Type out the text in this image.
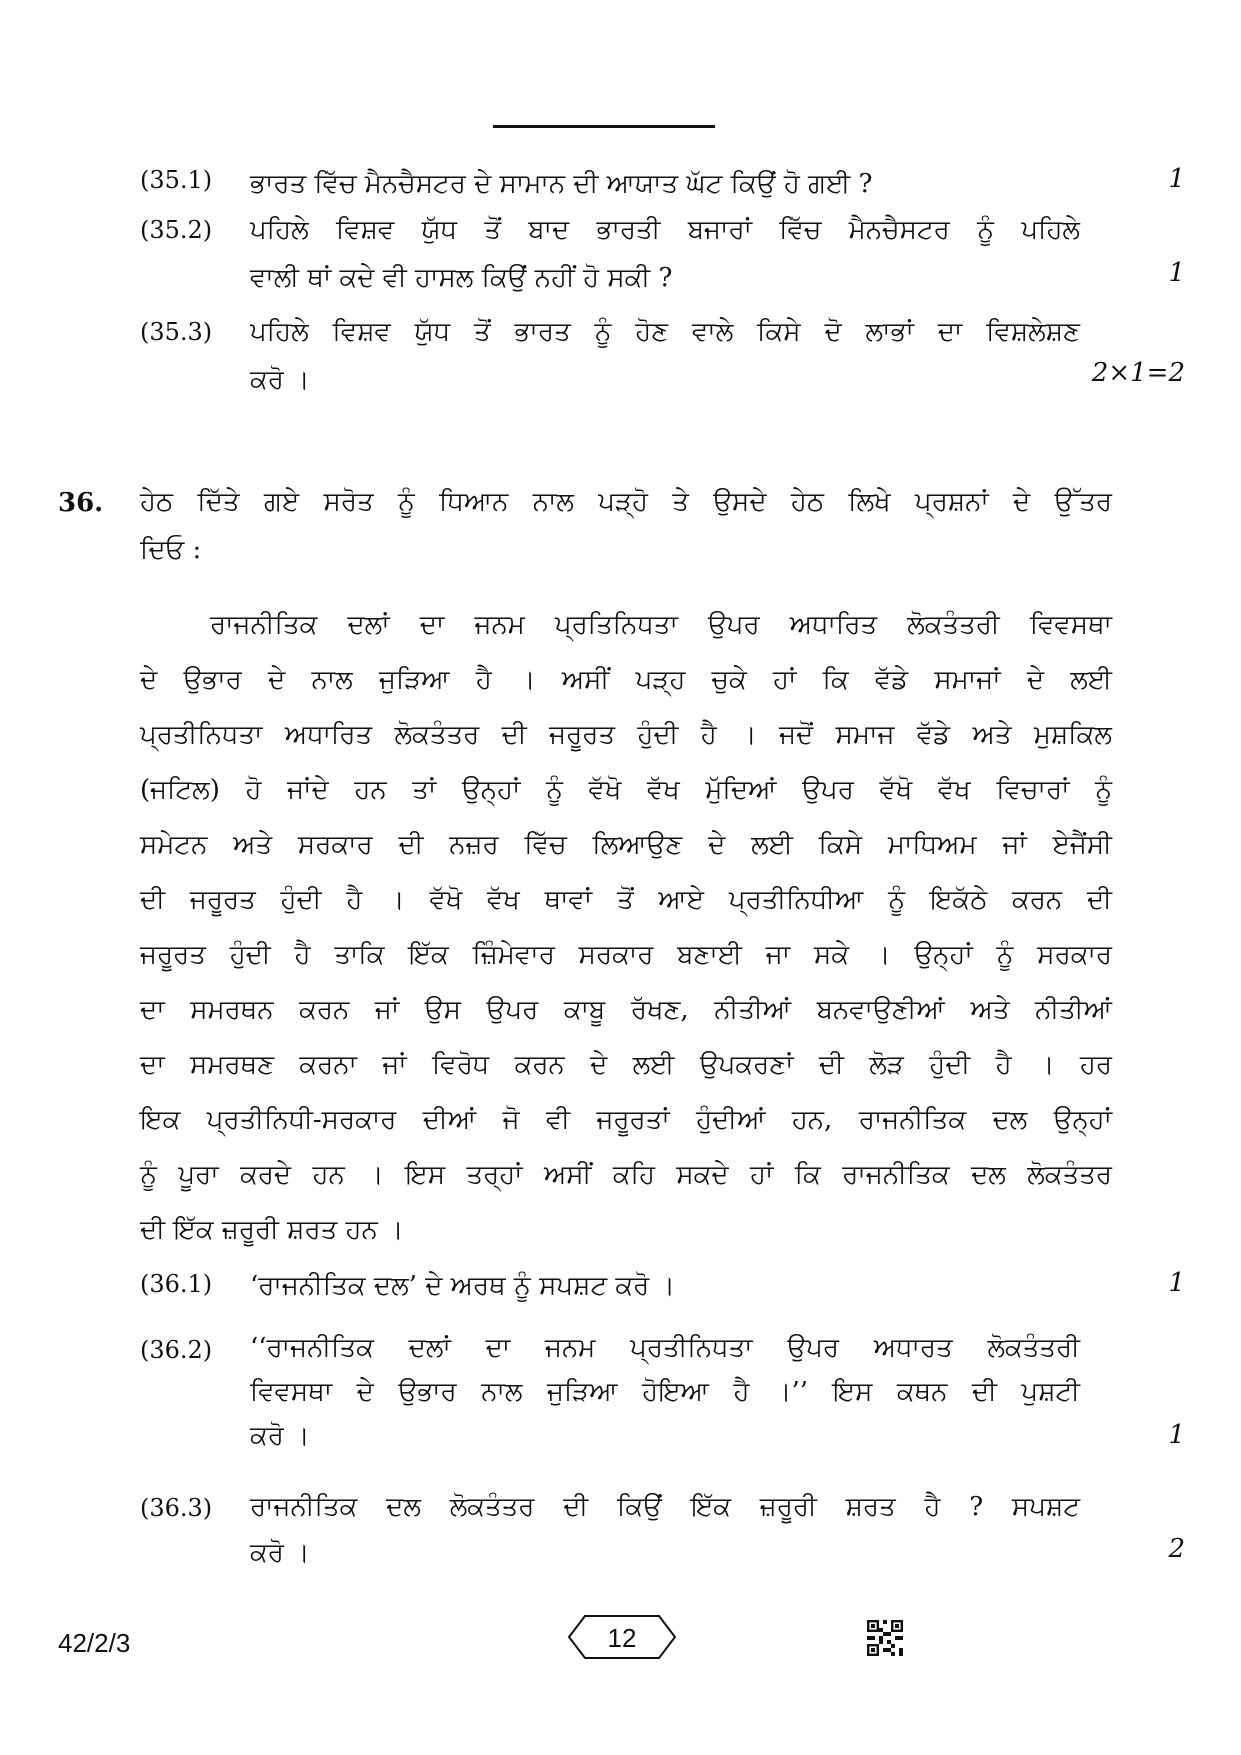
(35.1)	ਭਾਰਤ ਵਿੱਚ ਮੈਨਚੈਸਟਰ ਦੇ ਸਾਮਾਨ ਦੀ ਆਯਾਤ ਘੱਟ ਕਿਉਂ ਹੋ ਗਈ ?	1
(35.2)	ਪਹਿਲੇ ਵਿਸ਼ਵ ਯੁੱਧ ਤੋਂ ਬਾਦ ਭਾਰਤੀ ਬਜਾਰਾਂ ਵਿੱਚ ਮੈਨਚੈਸਟਰ ਨੂੰ ਪਹਿਲੇ
ਵਾਲੀ ਥਾਂ ਕਦੇ ਵੀ ਹਾਸਲ ਕਿਉਂ ਨਹੀਂ ਹੋ ਸਕੀ ?	1
(35.3)	ਪਹਿਲੇ ਵਿਸ਼ਵ ਯੁੱਧ ਤੋਂ ਭਾਰਤ ਨੂੰ ਹੋਣ ਵਾਲੇ ਕਿਸੇ ਦੋ ਲਾਭਾਂ ਦਾ ਵਿਸ਼ਲੇਸ਼ਣ
ਕਰੋ ।	2×1=2
36. ਹੇਠ ਦਿੱਤੇ ਗਏ ਸਰੋਤ ਨੂੰ ਧਿਆਨ ਨਾਲ ਪੜ੍ਹੋ ਤੇ ਉਸਦੇ ਹੇਠ ਲਿਖੇ ਪ੍ਰਸ਼ਨਾਂ ਦੇ ਉੱਤਰ
ਦਿਓ :
ਰਾਜਨੀਤਿਕ ਦਲਾਂ ਦਾ ਜਨਮ ਪ੍ਰਤਿਨਿਧਤਾ ਉਪਰ ਅਧਾਰਿਤ ਲੋਕਤੰਤਰੀ ਵਿਵਸਥਾ
ਦੇ ਉਭਾਰ ਦੇ ਨਾਲ ਜੁੜਿਆ ਹੈ । ਅਸੀਂ ਪੜ੍ਹ ਚੁਕੇ ਹਾਂ ਕਿ ਵੱਡੇ ਸਮਾਜਾਂ ਦੇ ਲਈ
ਪ੍ਰਤੀਨਿਧਤਾ ਅਧਾਰਿਤ ਲੋਕਤੰਤਰ ਦੀ ਜਰੂਰਤ ਹੁੰਦੀ ਹੈ । ਜਦੋਂ ਸਮਾਜ ਵੱਡੇ ਅਤੇ ਮੁਸ਼ਕਿਲ
(ਜਟਿਲ) ਹੋ ਜਾਂਦੇ ਹਨ ਤਾਂ ਉਨ੍ਹਾਂ ਨੂੰ ਵੱਖੋ ਵੱਖ ਮੁੱਦਿਆਂ ਉਪਰ ਵੱਖੋ ਵੱਖ ਵਿਚਾਰਾਂ ਨੂੰ
ਸਮੇਟਨ ਅਤੇ ਸਰਕਾਰ ਦੀ ਨਜ਼ਰ ਵਿੱਚ ਲਿਆਉਣ ਦੇ ਲਈ ਕਿਸੇ ਮਾਧਿਅਮ ਜਾਂ ਏਜੈਂਸੀ
ਦੀ ਜਰੂਰਤ ਹੁੰਦੀ ਹੈ । ਵੱਖੋ ਵੱਖ ਥਾਵਾਂ ਤੋਂ ਆਏ ਪ੍ਰਤੀਨਿਧੀਆ ਨੂੰ ਇਕੱਠੇ ਕਰਨ ਦੀ
ਜਰੂਰਤ ਹੁੰਦੀ ਹੈ ਤਾਕਿ ਇੱਕ ਜ਼ਿੰਮੇਵਾਰ ਸਰਕਾਰ ਬਣਾਈ ਜਾ ਸਕੇ । ਉਨ੍ਹਾਂ ਨੂੰ ਸਰਕਾਰ
ਦਾ ਸਮਰਥਨ ਕਰਨ ਜਾਂ ਉਸ ਉਪਰ ਕਾਬੂ ਰੱਖਣ, ਨੀਤੀਆਂ ਬਨਵਾਉਣੀਆਂ ਅਤੇ ਨੀਤੀਆਂ
ਦਾ ਸਮਰਥਣ ਕਰਨਾ ਜਾਂ ਵਿਰੋਧ ਕਰਨ ਦੇ ਲਈ ਉਪਕਰਣਾਂ ਦੀ ਲੋੜ ਹੁੰਦੀ ਹੈ । ਹਰ
ਇਕ ਪ੍ਰਤੀਨਿਧੀ-ਸਰਕਾਰ ਦੀਆਂ ਜੋ ਵੀ ਜਰੂਰਤਾਂ ਹੁੰਦੀਆਂ ਹਨ, ਰਾਜਨੀਤਿਕ ਦਲ ਉਨ੍ਹਾਂ
ਨੂੰ ਪੂਰਾ ਕਰਦੇ ਹਨ । ਇਸ ਤਰ੍ਹਾਂ ਅਸੀਂ ਕਹਿ ਸਕਦੇ ਹਾਂ ਕਿ ਰਾਜਨੀਤਿਕ ਦਲ ਲੋਕਤੰਤਰ
ਦੀ ਇੱਕ ਜ਼ਰੂਰੀ ਸ਼ਰਤ ਹਨ ।
(36.1)	‘ਰਾਜਨੀਤਿਕ ਦਲ’ ਦੇ ਅਰਥ ਨੂੰ ਸਪਸ਼ਟ ਕਰੋ ।	1
(36.2)	‘‘ਰਾਜਨੀਤਿਕ ਦਲਾਂ ਦਾ ਜਨਮ ਪ੍ਰਤੀਨਿਧਤਾ ਉਪਰ ਅਧਾਰਤ ਲੋਕਤੰਤਰੀ
ਵਿਵਸਥਾ ਦੇ ਉਭਾਰ ਨਾਲ ਜੁੜਿਆ ਹੋਇਆ ਹੈ ।’’ ਇਸ ਕਥਨ ਦੀ ਪੁਸ਼ਟੀ
ਕਰੋ ।	1
(36.3)	ਰਾਜਨੀਤਿਕ ਦਲ ਲੋਕਤੰਤਰ ਦੀ ਕਿਉਂ ਇੱਕ ਜ਼ਰੂਰੀ ਸ਼ਰਤ ਹੈ ? ਸਪਸ਼ਟ
ਕਰੋ ।	2
42/2/3	12
